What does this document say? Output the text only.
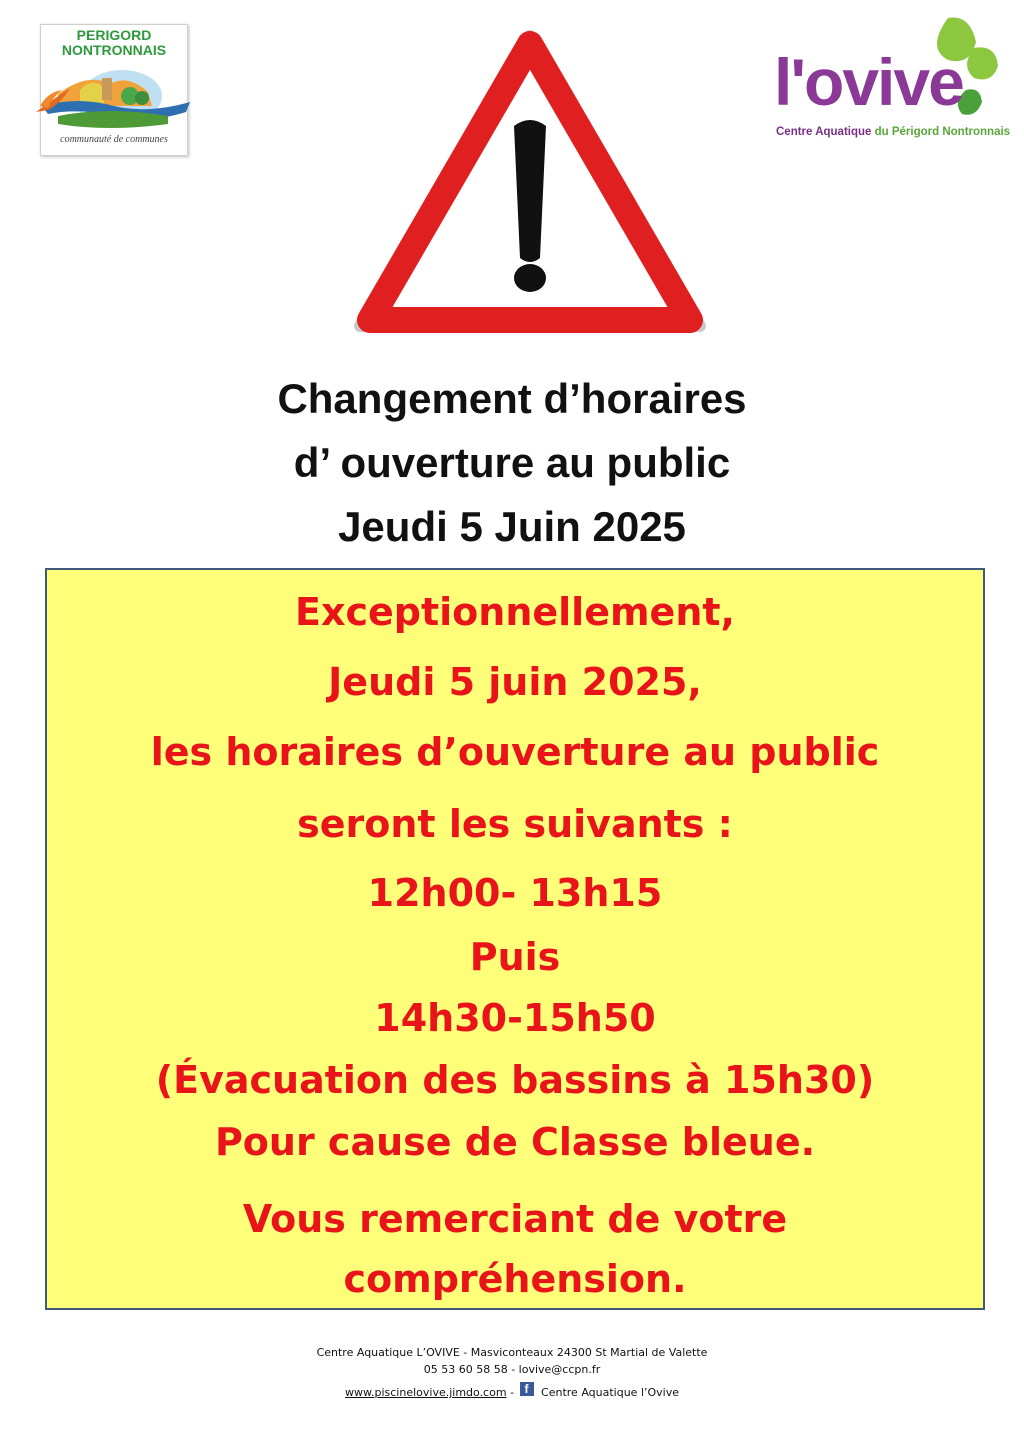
PERIGORD
NONTRONNAIS
communauté de communes
l'ovive
Centre Aquatique du Périgord Nontronnais
Changement d’horaires
d’ ouverture au public
Jeudi 5 Juin 2025
Exceptionnellement,
Jeudi 5 juin 2025,
les horaires d’ouverture au public
seront les suivants :
12h00- 13h15
Puis
14h30-15h50
(Évacuation des bassins à 15h30)
Pour cause de Classe bleue.
Vous remerciant de votre
compréhension.
Centre Aquatique L’OVIVE - Masviconteaux 24300 St Martial de Valette
05 53 60 58 58 - lovive@ccpn.fr
www.piscinelovive.jimdo.com - f Centre Aquatique l’Ovive
